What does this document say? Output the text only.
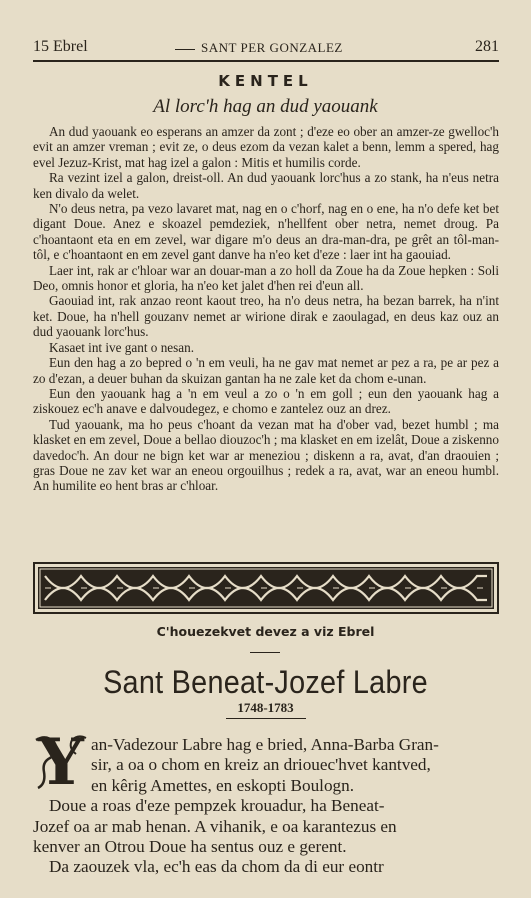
15 Ebrel	SANT PER GONZALEZ	281
KENTEL
Al lorc'h hag an dud yaouank

An dud yaouank eo esperans an amzer da zont ; d'eze eo ober an amzer-ze gwelloc'h evit an amzer vreman ; evit ze, o deus ezom da vezan kalet a benn, lemm a spered, hag evel Jezuz-Krist, mat hag izel a galon : Mitis et humilis corde.

Ra vezint izel a galon, dreist-oll. An dud yaouank lorc'hus a zo stank, ha n'eus netra ken divalo da welet.

N'o deus netra, pa vezo lavaret mat, nag en o c'horf, nag en o ene, ha n'o defe ket bet digant Doue. Anez e skoazel pemdeziek, n'hellfent ober netra, nemet droug. Pa c'hoantaont eta en em zevel, war digare m'o deus an dra-man-dra, pe grêt an tôl-man-tôl, e c'hoantaont en em zevel gant danve ha n'eo ket d'eze : laer int ha gaouiad.

Laer int, rak ar c'hloar war an douar-man a zo holl da Zoue ha da Zoue hepken : Soli Deo, omnis honor et gloria, ha n'eo ket jalet d'hen rei d'eun all.

Gaouiad int, rak anzao reont kaout treo, ha n'o deus netra, ha bezan barrek, ha n'int ket. Doue, ha n'hell gouzanv nemet ar wirione dirak e zaoulagad, en deus kaz ouz an dud yaouank lorc'hus.

Kasaet int ive gant o nesan.

Eun den hag a zo bepred o 'n em veuli, ha ne gav mat nemet ar pez a ra, pe ar pez a zo d'ezan, a deuer buhan da skuizan gantan ha ne zale ket da chom e-unan.

Eun den yaouank hag a 'n em veul a zo o 'n em goll ; eun den yaouank hag a ziskouez ec'h anave e dalvoudegez, e chomo e zantelez ouz an drez.

Tud yaouank, ma ho peus c'hoant da vezan mat ha d'ober vad, bezet humbl ; ma klasket en em zevel, Doue a bellao diouzoc'h ; ma klasket en em izelât, Doue a ziskenno davedoc'h. An dour ne bign ket war ar meneziou ; diskenn a ra, avat, d'an draouien ; gras Doue ne zav ket war an eneou orgouilhus ; redek a ra, avat, war an eneou humbl. An humilite eo hent bras ar c'hloar.

C'houezekvet devez a viz Ebrel
Sant Beneat-Jozef Labre
1748-1783
Y an-Vadezour Labre hag e bried, Anna-Barba Gran-
sir, a oa o chom en kreiz an drioueс'hvet kantved,
en kêrig Amettes, en eskopti Boulogn.
Doue a roas d'eze pempzek krouadur, ha Beneat-
Jozef oa ar mab henan. A vihanik, e oa karantezus en
kenver an Otrou Doue ha sentus ouz e gerent.
Da zaouzek vla, ec'h eas da chom da di eur eontr
